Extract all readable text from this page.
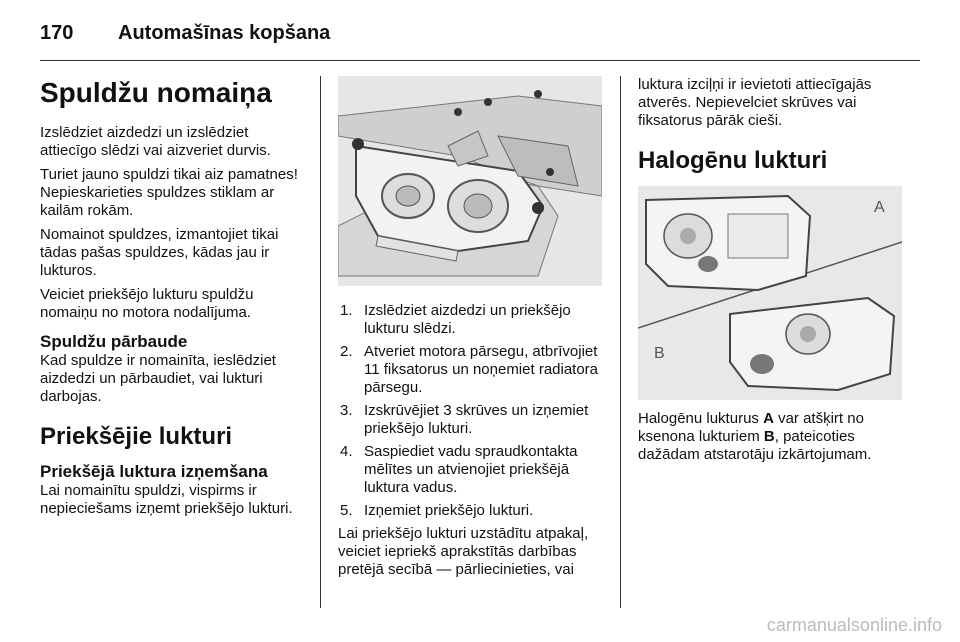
170 Automašīnas kopšana
Spuldžu nomaiņa

Izslēdziet aizdedzi un izslēdziet attiecīgo slēdzi vai aizveriet durvis.

Turiet jauno spuldzi tikai aiz pamatnes! Nepieskarieties spuldzes stiklam ar kailām rokām.

Nomainot spuldzes, izmantojiet tikai tādas pašas spuldzes, kādas jau ir lukturos.

Veiciet priekšējo lukturu spuldžu nomaiņu no motora nodalījuma.

Spuldžu pārbaude

Kad spuldze ir nomainīta, ieslēdziet aizdedzi un pārbaudiet, vai lukturi darbojas.

Priekšējie lukturi
Priekšējā luktura izņemšana

Lai nomainītu spuldzi, vispirms ir nepieciešams izņemt priekšējo lukturi.

1. Izslēdziet aizdedzi un priekšējo lukturu slēdzi.
2. Atveriet motora pārsegu, atbrīvojiet 11 fiksatorus un noņemiet radiatora pārsegu.
3. Izskrūvējiet 3 skrūves un izņemiet priekšējo lukturi.
4. Saspiediet vadu spraudkontakta mēlītes un atvienojiet priekšējā luktura vadus.
5. Izņemiet priekšējo lukturi.

Lai priekšējo lukturi uzstādītu atpakaļ, veiciet iepriekš aprakstītās darbības pretējā secībā — pārliecinieties, vai

luktura izciļņi ir ievietoti attiecīgajās atverēs. Nepievelciet skrūves vai fiksatorus pārāk cieši.

Halogēnu lukturi
A
B

Halogēnu lukturus A var atšķirt no ksenona lukturiem B, pateicoties dažādam atstarotāju izkārtojumam.

carmanualsonline.info
